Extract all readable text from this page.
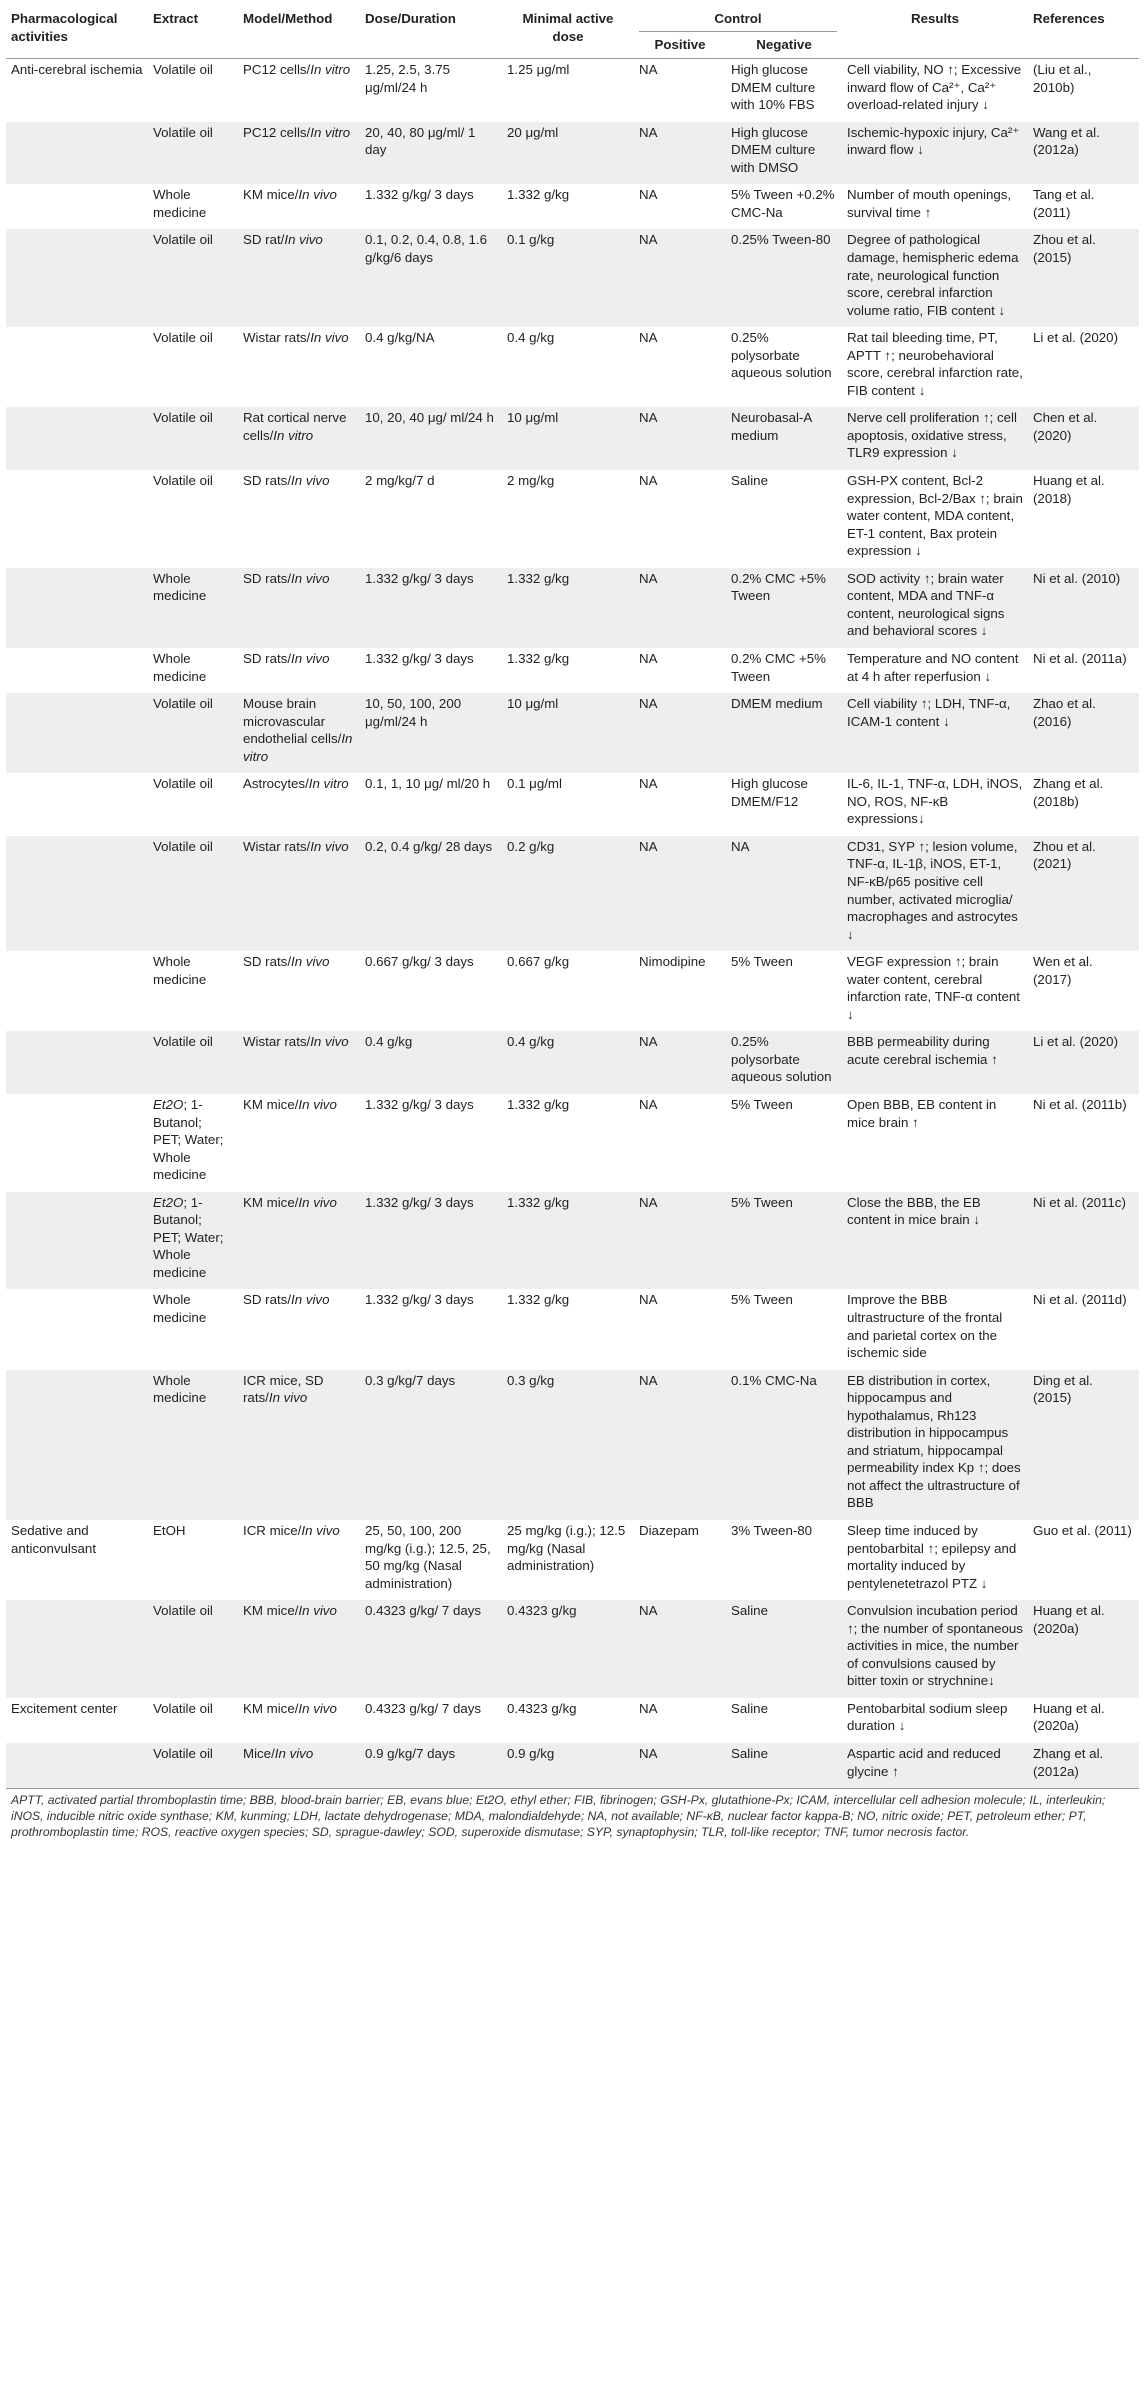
Pharmacological activities	Extract	Model/Method	Dose/Duration	Minimal active dose	Control		Results	References
					Positive	Negative		
Anti-cerebral ischemia	Volatile oil	PC12 cells/In vitro	1.25, 2.5, 3.75 μg/ml/24 h	1.25 μg/ml	NA	High glucose DMEM culture with 10% FBS	Cell viability, NO ↑; Excessive inward flow of Ca²⁺, Ca²⁺ overload-related injury ↓	(Liu et al., 2010b)
	Volatile oil	PC12 cells/In vitro	20, 40, 80 μg/ml/ 1 day	20 μg/ml	NA	High glucose DMEM culture with DMSO	Ischemic-hypoxic injury, Ca²⁺ inward flow ↓	Wang et al. (2012a)
	Whole medicine	KM mice/In vivo	1.332 g/kg/ 3 days	1.332 g/kg	NA	5% Tween +0.2% CMC-Na	Number of mouth openings, survival time ↑	Tang et al. (2011)
	Volatile oil	SD rat/In vivo	0.1, 0.2, 0.4, 0.8, 1.6 g/kg/6 days	0.1 g/kg	NA	0.25% Tween-80	Degree of pathological damage, hemispheric edema rate, neurological function score, cerebral infarction volume ratio, FIB content ↓	Zhou et al. (2015)
	Volatile oil	Wistar rats/In vivo	0.4 g/kg/NA	0.4 g/kg	NA	0.25% polysorbate aqueous solution	Rat tail bleeding time, PT, APTT ↑; neurobehavioral score, cerebral infarction rate, FIB content ↓	Li et al. (2020)
	Volatile oil	Rat cortical nerve cells/In vitro	10, 20, 40 μg/ ml/24 h	10 μg/ml	NA	Neurobasal-A medium	Nerve cell proliferation ↑; cell apoptosis, oxidative stress, TLR9 expression ↓	Chen et al. (2020)
	Volatile oil	SD rats/In vivo	2 mg/kg/7 d	2 mg/kg	NA	Saline	GSH-PX content, Bcl-2 expression, Bcl-2/Bax ↑; brain water content, MDA content, ET-1 content, Bax protein expression ↓	Huang et al. (2018)
	Whole medicine	SD rats/In vivo	1.332 g/kg/ 3 days	1.332 g/kg	NA	0.2% CMC +5% Tween	SOD activity ↑; brain water content, MDA and TNF-α content, neurological signs and behavioral scores ↓	Ni et al. (2010)
	Whole medicine	SD rats/In vivo	1.332 g/kg/ 3 days	1.332 g/kg	NA	0.2% CMC +5% Tween	Temperature and NO content at 4 h after reperfusion ↓	Ni et al. (2011a)
	Volatile oil	Mouse brain microvascular endothelial cells/In vitro	10, 50, 100, 200 μg/ml/24 h	10 μg/ml	NA	DMEM medium	Cell viability ↑; LDH, TNF-α, ICAM-1 content ↓	Zhao et al. (2016)
	Volatile oil	Astrocytes/In vitro	0.1, 1, 10 μg/ ml/20 h	0.1 μg/ml	NA	High glucose DMEM/F12	IL-6, IL-1, TNF-α, LDH, iNOS, NO, ROS, NF-κB expressions↓	Zhang et al. (2018b)
	Volatile oil	Wistar rats/In vivo	0.2, 0.4 g/kg/ 28 days	0.2 g/kg	NA	NA	CD31, SYP ↑; lesion volume, TNF-α, IL-1β, iNOS, ET-1, NF-κB/p65 positive cell number, activated microglia/ macrophages and astrocytes ↓	Zhou et al. (2021)
	Whole medicine	SD rats/In vivo	0.667 g/kg/ 3 days	0.667 g/kg	Nimodipine	5% Tween	VEGF expression ↑; brain water content, cerebral infarction rate, TNF-α content ↓	Wen et al. (2017)
	Volatile oil	Wistar rats/In vivo	0.4 g/kg	0.4 g/kg	NA	0.25% polysorbate aqueous solution	BBB permeability during acute cerebral ischemia ↑	Li et al. (2020)
	Et2O; 1-Butanol; PET; Water; Whole medicine	KM mice/In vivo	1.332 g/kg/ 3 days	1.332 g/kg	NA	5% Tween	Open BBB, EB content in mice brain ↑	Ni et al. (2011b)
	Et2O; 1-Butanol; PET; Water; Whole medicine	KM mice/In vivo	1.332 g/kg/ 3 days	1.332 g/kg	NA	5% Tween	Close the BBB, the EB content in mice brain ↓	Ni et al. (2011c)
	Whole medicine	SD rats/In vivo	1.332 g/kg/ 3 days	1.332 g/kg	NA	5% Tween	Improve the BBB ultrastructure of the frontal and parietal cortex on the ischemic side	Ni et al. (2011d)
	Whole medicine	ICR mice, SD rats/In vivo	0.3 g/kg/7 days	0.3 g/kg	NA	0.1% CMC-Na	EB distribution in cortex, hippocampus and hypothalamus, Rh123 distribution in hippocampus and striatum, hippocampal permeability index Kp ↑; does not affect the ultrastructure of BBB	Ding et al. (2015)
Sedative and anticonvulsant	EtOH	ICR mice/In vivo	25, 50, 100, 200 mg/kg (i.g.); 12.5, 25, 50 mg/kg (Nasal administration)	25 mg/kg (i.g.); 12.5 mg/kg (Nasal administration)	Diazepam	3% Tween-80	Sleep time induced by pentobarbital ↑; epilepsy and mortality induced by pentylenetetrazol PTZ ↓	Guo et al. (2011)
	Volatile oil	KM mice/In vivo	0.4323 g/kg/ 7 days	0.4323 g/kg	NA	Saline	Convulsion incubation period ↑; the number of spontaneous activities in mice, the number of convulsions caused by bitter toxin or strychnine↓	Huang et al. (2020a)
Excitement center	Volatile oil	KM mice/In vivo	0.4323 g/kg/ 7 days	0.4323 g/kg	NA	Saline	Pentobarbital sodium sleep duration ↓	Huang et al. (2020a)
	Volatile oil	Mice/In vivo	0.9 g/kg/7 days	0.9 g/kg	NA	Saline	Aspartic acid and reduced glycine ↑	Zhang et al. (2012a)
APTT, activated partial thromboplastin time; BBB, blood-brain barrier; EB, evans blue; Et2O, ethyl ether; FIB, fibrinogen; GSH-Px, glutathione-Px; ICAM, intercellular cell adhesion molecule; IL, interleukin; iNOS, inducible nitric oxide synthase; KM, kunming; LDH, lactate dehydrogenase; MDA, malondialdehyde; NA, not available; NF-κB, nuclear factor kappa-B; NO, nitric oxide; PET, petroleum ether; PT, prothromboplastin time; ROS, reactive oxygen species; SD, sprague-dawley; SOD, superoxide dismutase; SYP, synaptophysin; TLR, toll-like receptor; TNF, tumor necrosis factor.
